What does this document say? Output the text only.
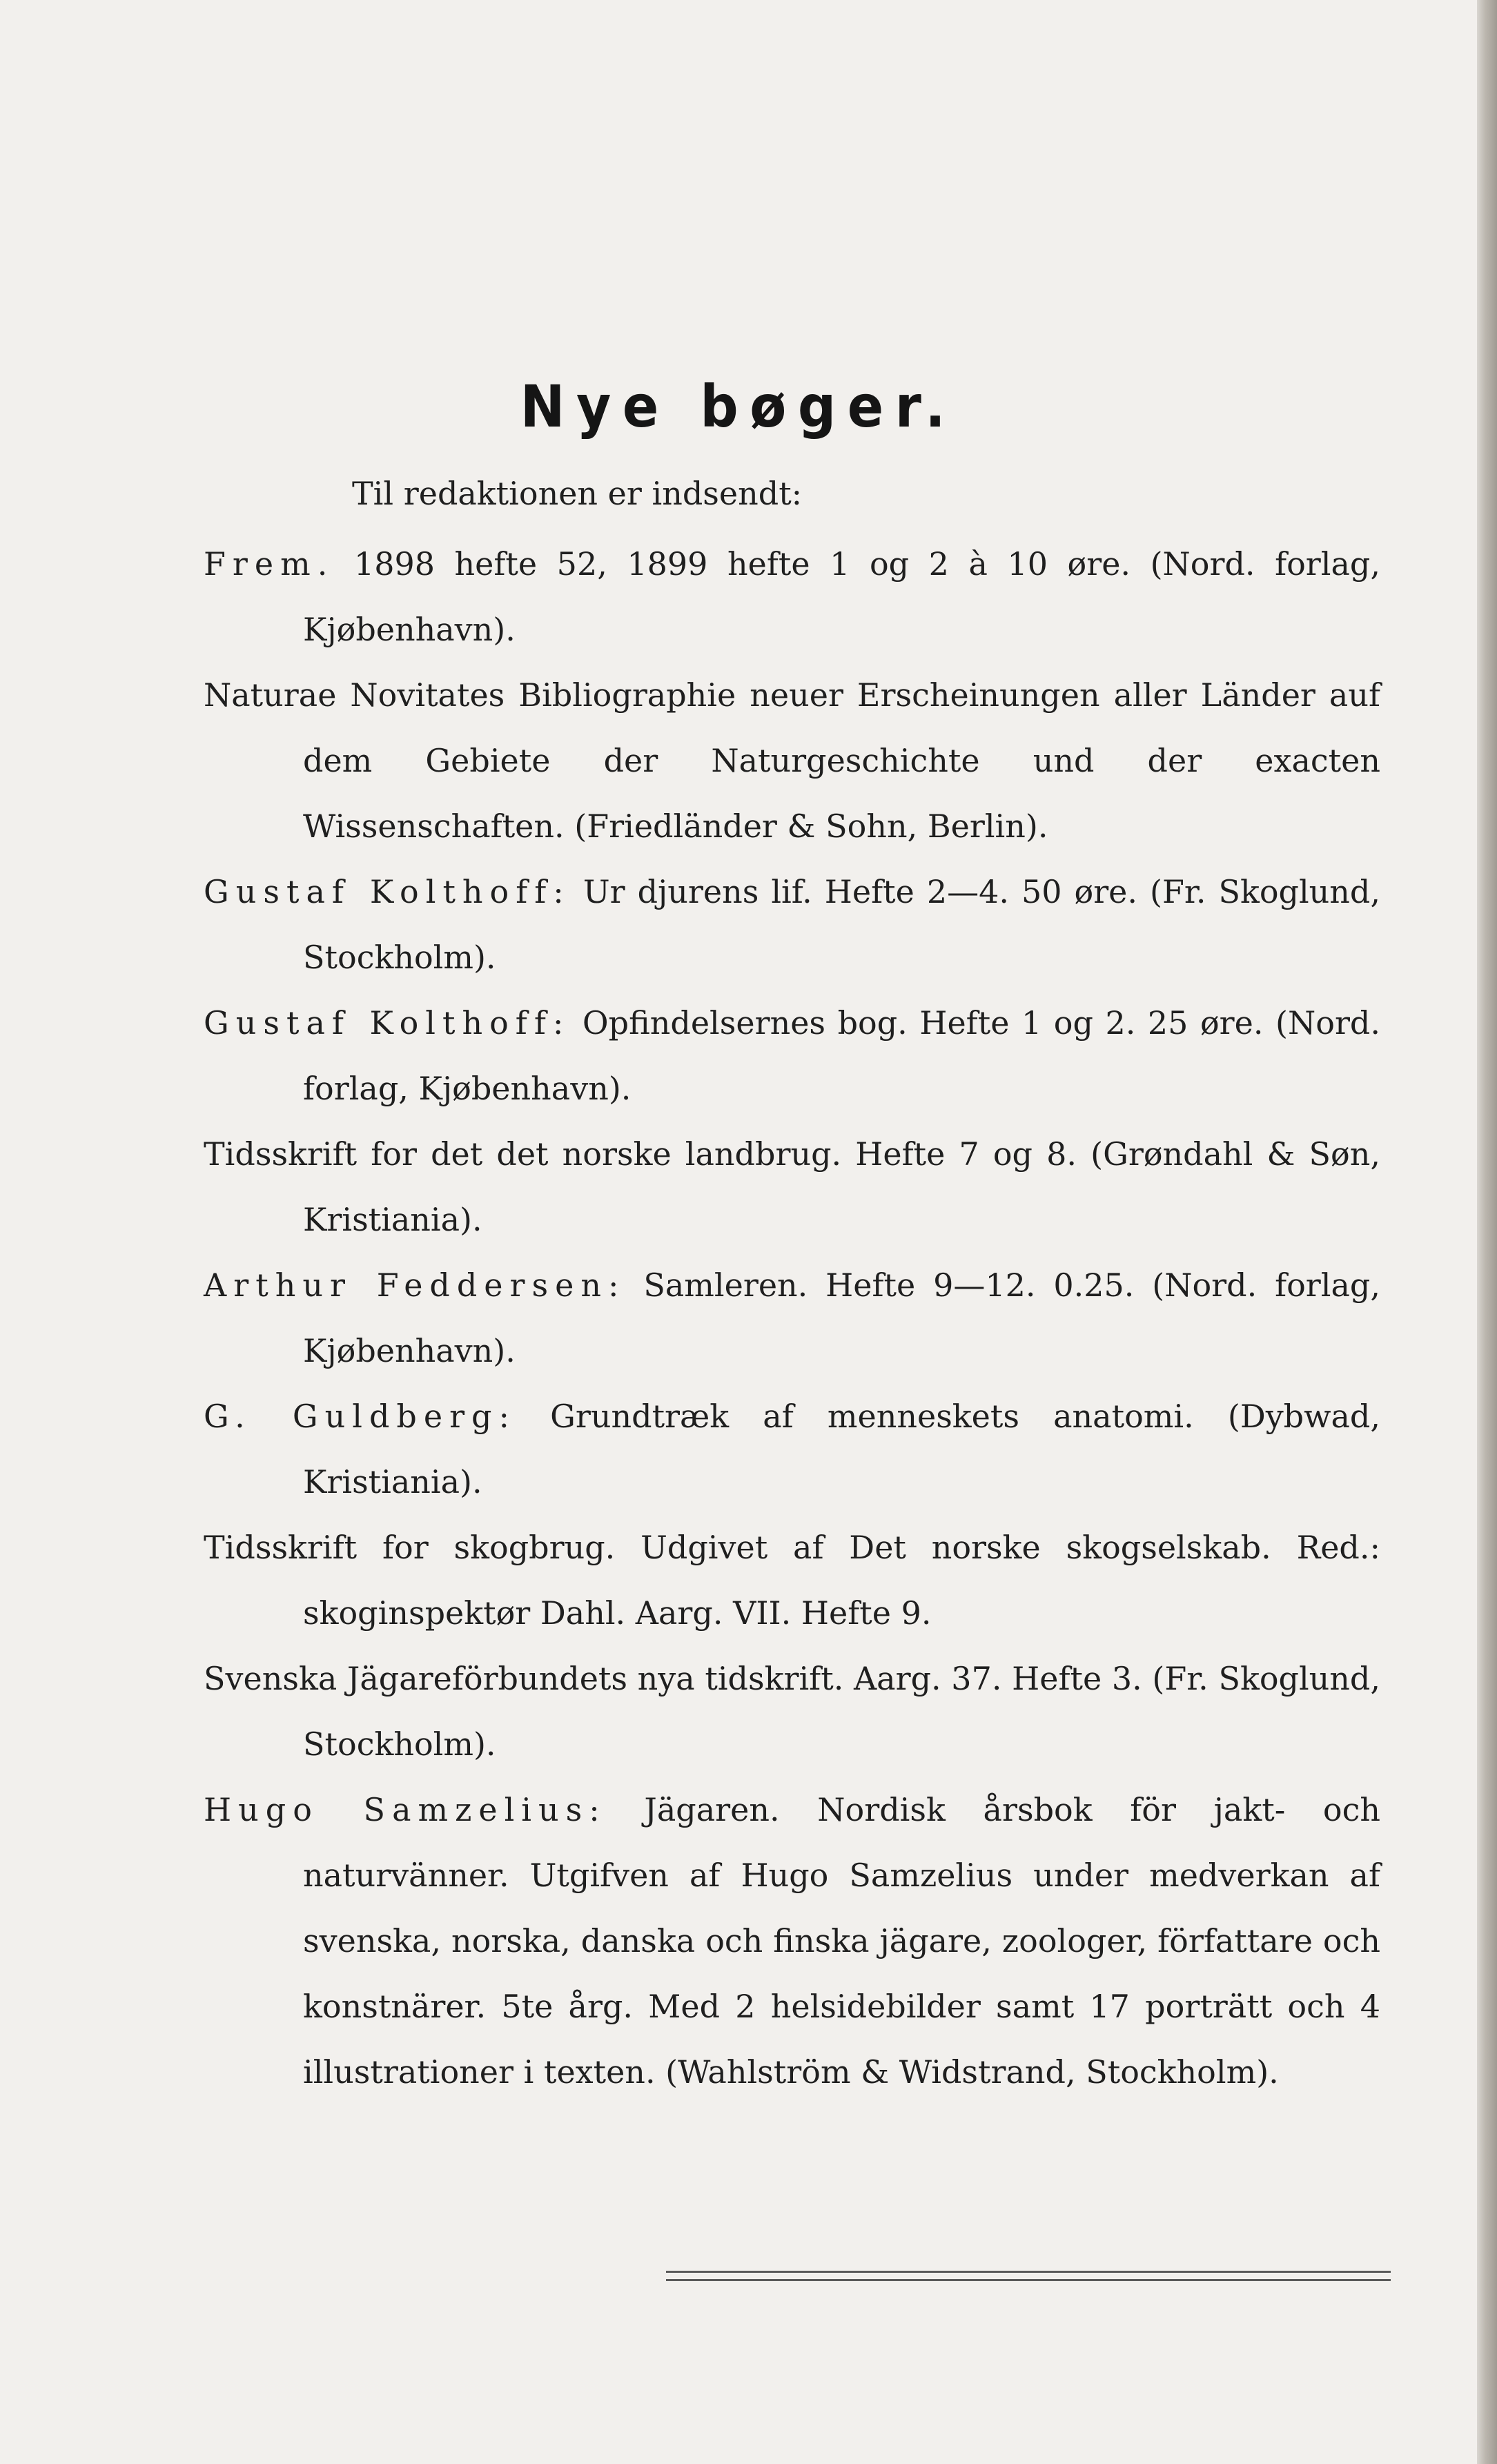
Nye bøger.
Til redaktionen er indsendt:

Frem. 1898 hefte 52, 1899 hefte 1 og 2 à 10 øre. (Nord. forlag, Kjøbenhavn).

Naturae Novitates Bibliographie neuer Erscheinungen aller Länder auf dem Gebiete der Naturgeschichte und der exacten Wissenschaften. (Friedländer & Sohn, Berlin).

Gustaf Kolthoff: Ur djurens lif. Hefte 2—4. 50 øre. (Fr. Skoglund, Stockholm).

Gustaf Kolthoff: Opfindelsernes bog. Hefte 1 og 2. 25 øre. (Nord. forlag, Kjøbenhavn).

Tidsskrift for det det norske landbrug. Hefte 7 og 8. (Grøndahl & Søn, Kristiania).

Arthur Feddersen: Samleren. Hefte 9—12. 0.25. (Nord. forlag, Kjøbenhavn).

G. Guldberg: Grundtræk af menneskets anatomi. (Dybwad, Kristiania).

Tidsskrift for skogbrug. Udgivet af Det norske skogselskab. Red.: skoginspektør Dahl. Aarg. VII. Hefte 9.

Svenska Jägareförbundets nya tidskrift. Aarg. 37. Hefte 3. (Fr. Skoglund, Stockholm).

Hugo Samzelius: Jägaren. Nordisk årsbok för jakt- och naturvänner. Utgifven af Hugo Samzelius under medverkan af svenska, norska, danska och finska jägare, zoologer, författare och konstnärer. 5te årg. Med 2 helsidebilder samt 17 porträtt och 4 illustrationer i texten. (Wahlström & Widstrand, Stockholm).
